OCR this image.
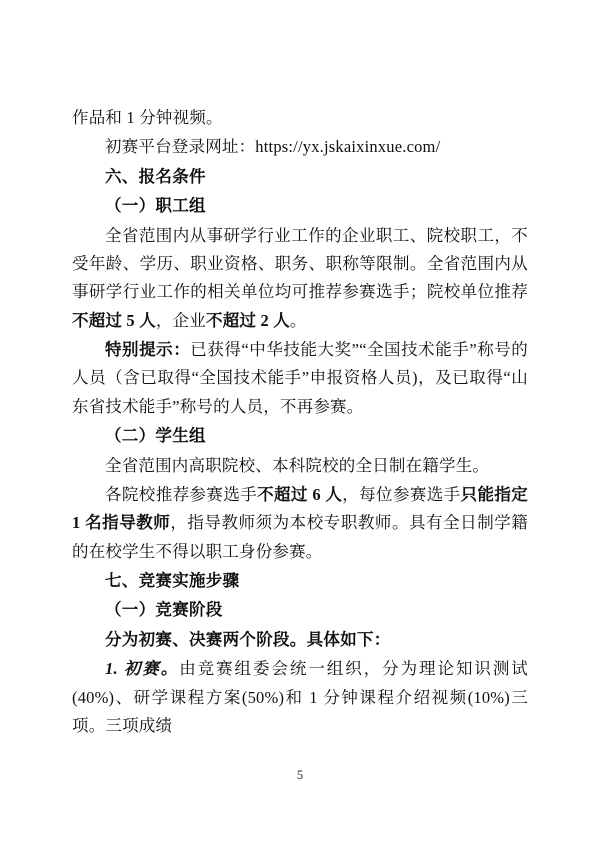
作品和 1 分钟视频。

初赛平台登录网址：https://yx.jskaixinxue.com/

六、报名条件

（一）职工组

全省范围内从事研学行业工作的企业职工、院校职工，不受年龄、学历、职业资格、职务、职称等限制。全省范围内从事研学行业工作的相关单位均可推荐参赛选手；院校单位推荐不超过 5 人，企业不超过 2 人。

特别提示：已获得“中华技能大奖”“全国技术能手”称号的人员（含已取得“全国技术能手”申报资格人员)，及已取得“山东省技术能手”称号的人员，不再参赛。

（二）学生组

全省范围内高职院校、本科院校的全日制在籍学生。

各院校推荐参赛选手不超过 6 人，每位参赛选手只能指定 1 名指导教师，指导教师须为本校专职教师。具有全日制学籍的在校学生不得以职工身份参赛。

七、竞赛实施步骤

（一）竞赛阶段

分为初赛、决赛两个阶段。具体如下：

1. 初赛。由竞赛组委会统一组织，分为理论知识测试(40%)、研学课程方案(50%)和 1 分钟课程介绍视频(10%)三项。三项成绩

5
